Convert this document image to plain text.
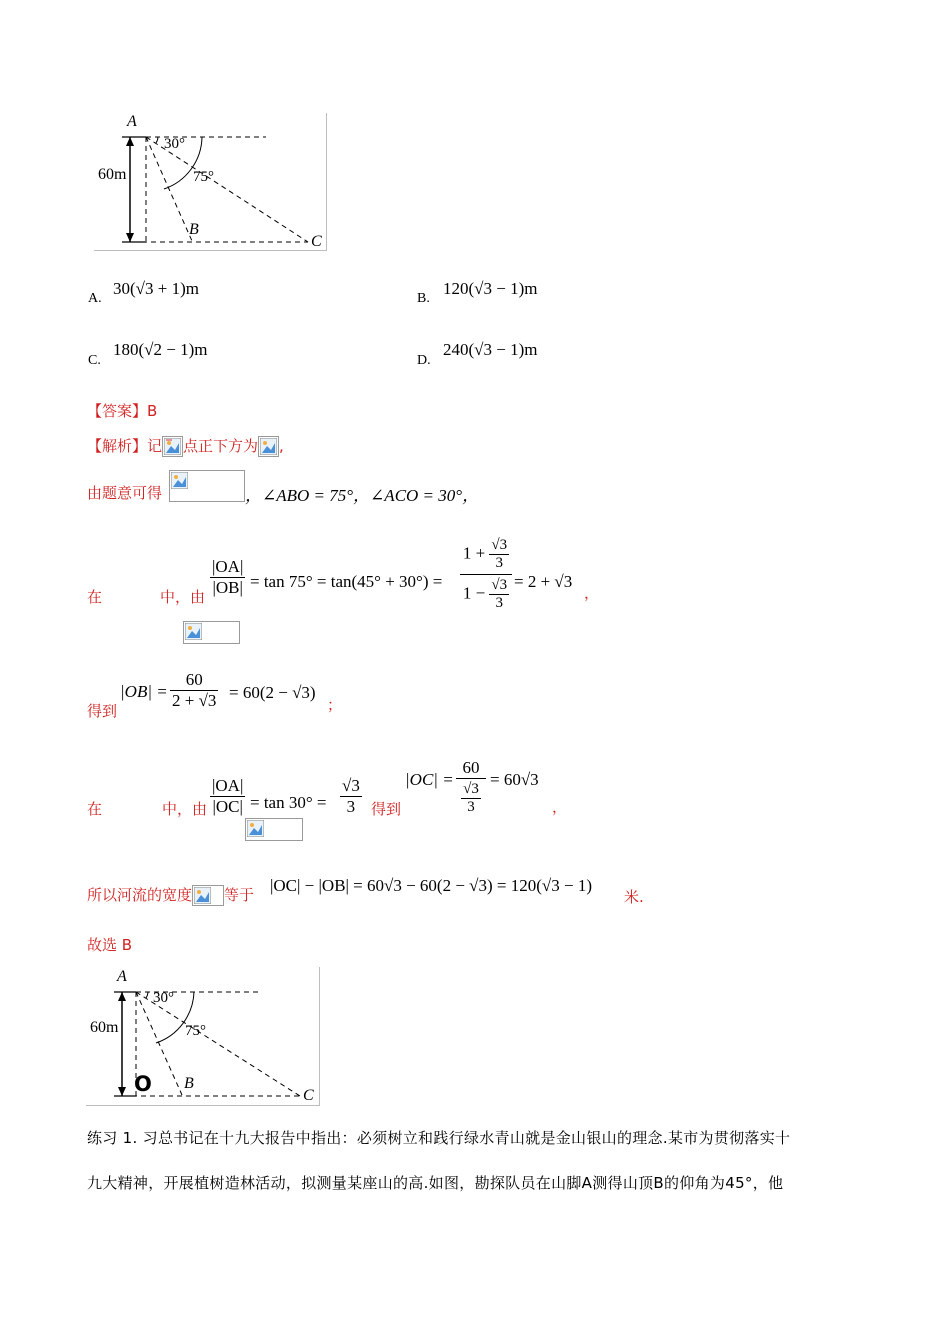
A
B
C
60m
30°
75°
A.
30(√3 + 1)m
B.
120(√3 − 1)m
C.
180(√2 − 1)m
D.
240(√3 − 1)m
【答案】B
【解析】记 点正下方为 ,
由题意可得
	，∠ABO = 75°，∠ACO = 30°，
在	中，由
$\frac{|OA|}{|OB|} = \tan 75^\circ = \tan(45^\circ + 30^\circ)$ =
$1 + \frac{√3}{3}$
$1 - \frac{√3}{3} = 2 + √3$
，
得到
$|OB| = \frac{60}{2 + √3} = 60(2 - √3)$
；
在	中，由 $\frac{|OA|}{|OC|} = \tan 30^\circ = \frac{√3}{3}$ 得到
|OC| =
60
$\frac{√3}{3}$
= 60√3
，
所以河流的宽度 等于 |OC| − |OB| = 60√3 − 60(2 − √3) = 120(√3 − 1)
米.
故选 B
A
B
C
O
60m
30°
75°
练习 1. 习总书记在十九大报告中指出：必须树立和践行绿水青山就是金山银山的理念.某市为贯彻落实十
九大精神，开展植树造林活动，拟测量某座山的高.如图，勘探队员在山脚A测得山顶B的仰角为45°，他
